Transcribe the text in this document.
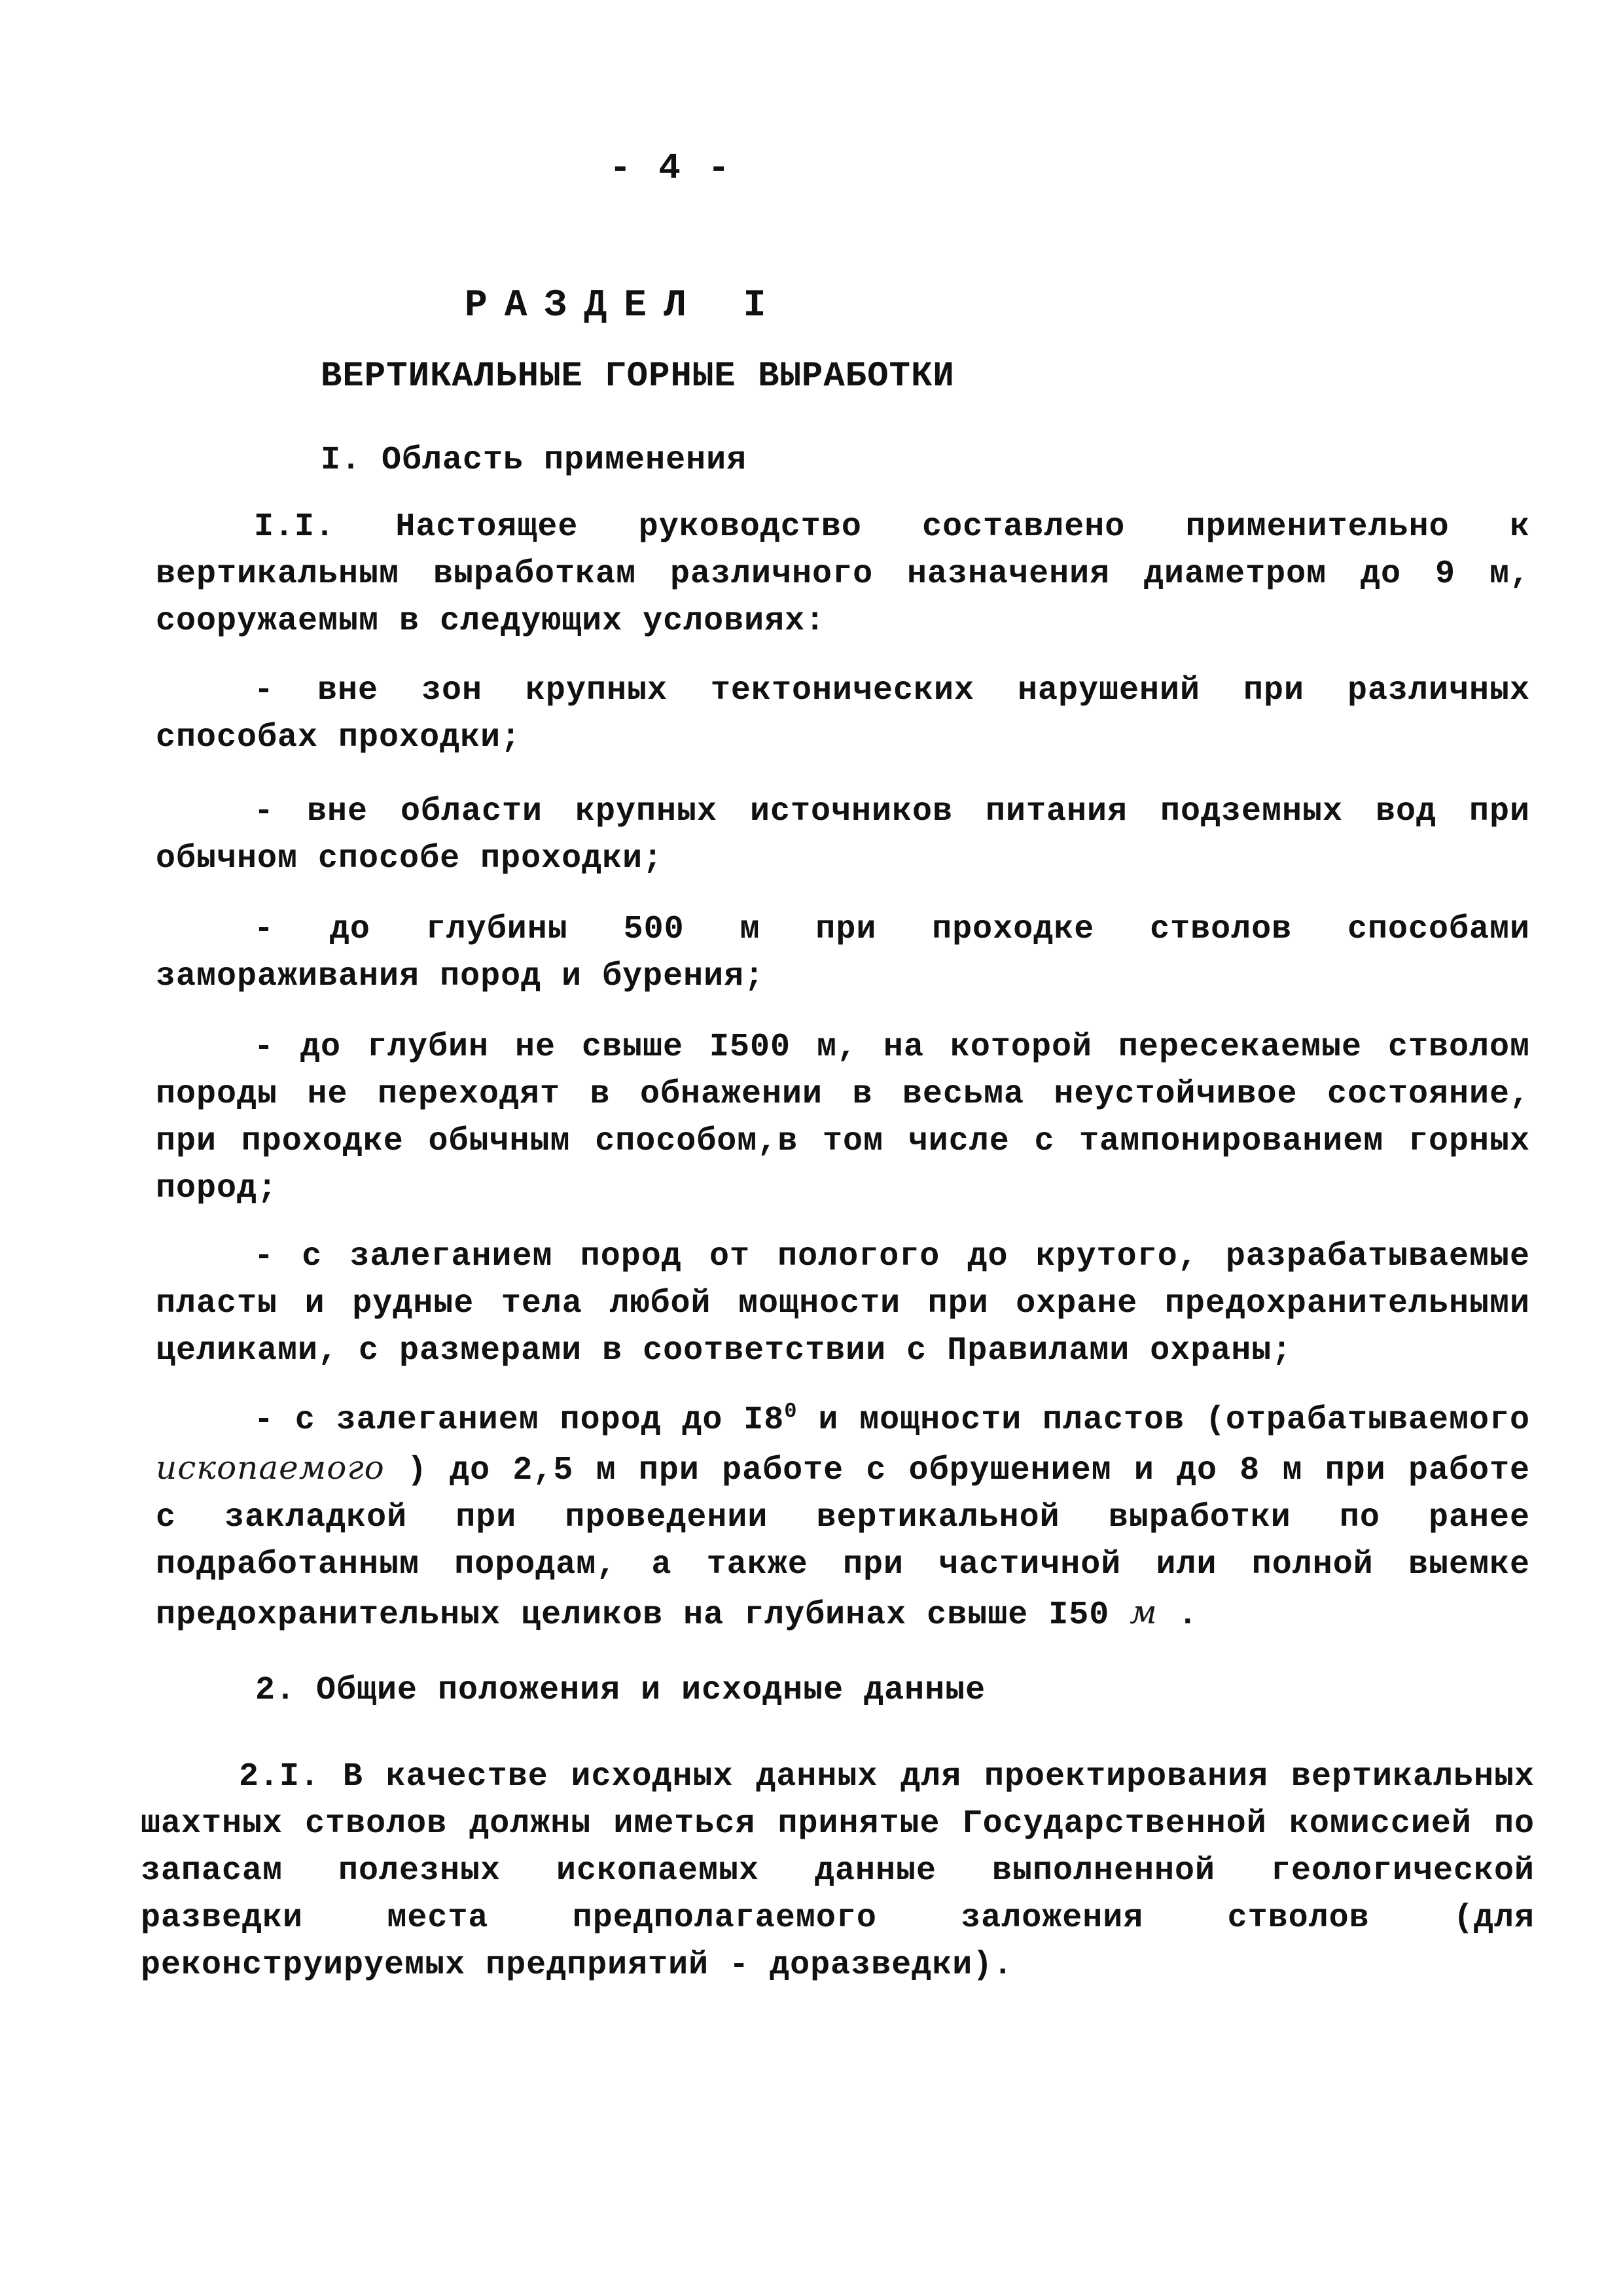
- 4 -
РАЗДЕЛ I
ВЕРТИКАЛЬНЫЕ ГОРНЫЕ ВЫРАБОТКИ
I. Область применения
I.I. Настоящее руководство составлено применительно к вертикальным выработкам различного назначения диаметром до 9 м, сооружаемым в следующих условиях:
- вне зон крупных тектонических нарушений при различных способах проходки;
- вне области крупных источников питания подземных вод при обычном способе проходки;
- до глубины 500 м при проходке стволов способами замораживания пород и бурения;
- до глубин не свыше I500 м, на которой пересекаемые стволом породы не переходят в обнажении в весьма неустойчивое состояние, при проходке обычным способом,в том числе с тампонированием горных пород;
- с залеганием пород от пологого до крутого, разрабатываемые пласты и рудные тела любой мощности при охране предохранительными целиками, с размерами в соответствии с Правилами охраны;
- с залеганием пород до $I8^0$ и мощности пластов (отрабатываемого ископаемого ) до 2,5 м при работе с обрушением и до 8 м при работе с закладкой при проведении вертикальной выработки по ранее подработанным породам, а также при частичной или полной выемке предохранительных целиков на глубинах свыше I50 м .
2. Общие положения и исходные данные
2.I. В качестве исходных данных для проектирования вертикальных шахтных стволов должны иметься принятые Государственной комиссией по запасам полезных ископаемых данные выполненной геологической разведки места предполагаемого заложения стволов (для реконструируемых предприятий - доразведки).
